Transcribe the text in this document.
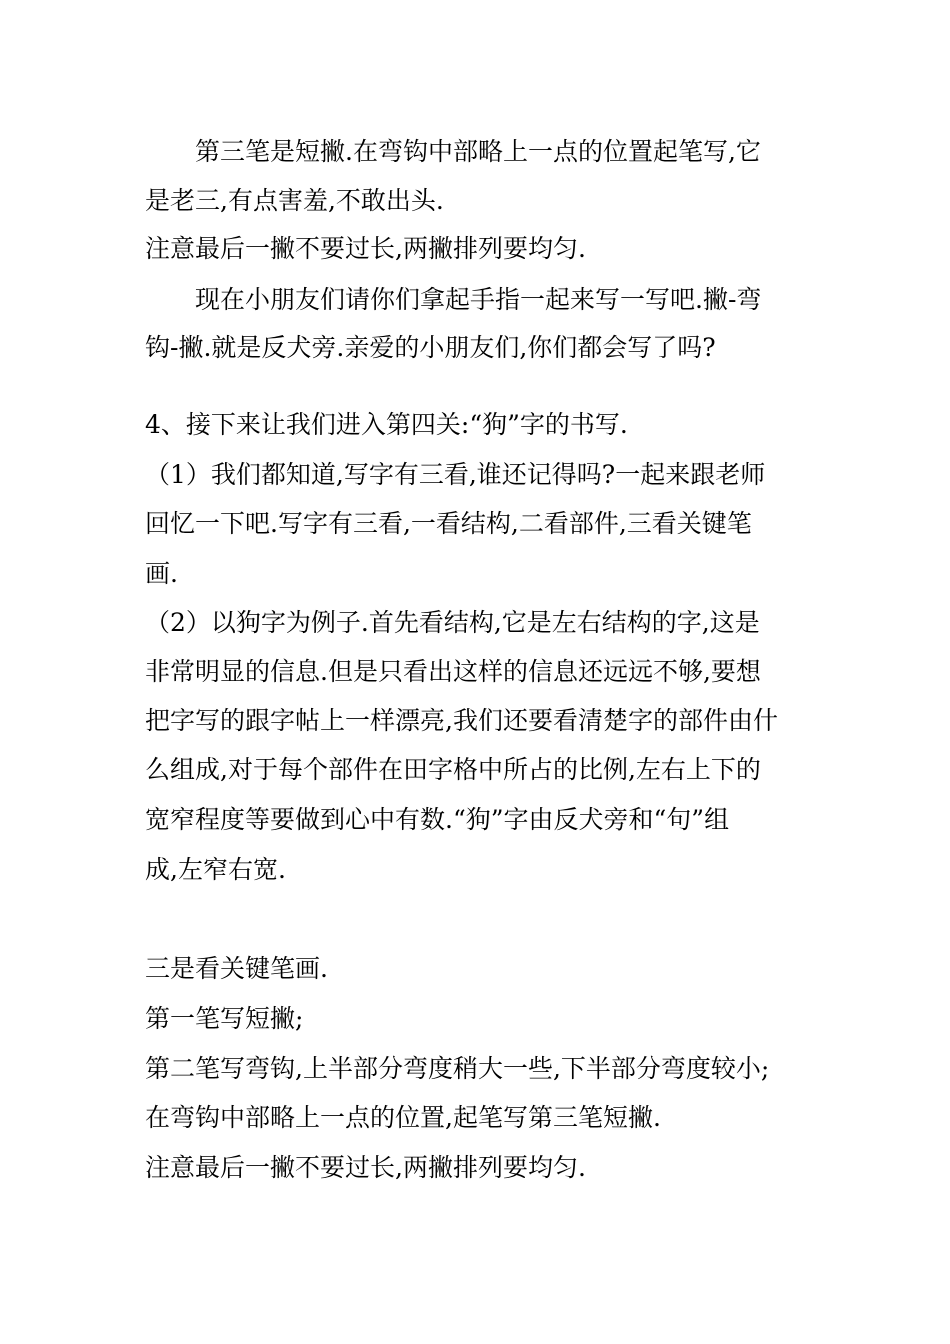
第三笔是短撇.在弯钩中部略上一点的位置起笔写,它
是老三,有点害羞,不敢出头.
注意最后一撇不要过长,两撇排列要均匀.
现在小朋友们请你们拿起手指一起来写一写吧.撇-弯
钩-撇.就是反犬旁.亲爱的小朋友们,你们都会写了吗?
4、接下来让我们进入第四关:“狗”字的书写.
（1）我们都知道,写字有三看,谁还记得吗?一起来跟老师
回忆一下吧.写字有三看,一看结构,二看部件,三看关键笔
画.
（2）以狗字为例子.首先看结构,它是左右结构的字,这是
非常明显的信息.但是只看出这样的信息还远远不够,要想
把字写的跟字帖上一样漂亮,我们还要看清楚字的部件由什
么组成,对于每个部件在田字格中所占的比例,左右上下的
宽窄程度等要做到心中有数.“狗”字由反犬旁和“句”组
成,左窄右宽.
三是看关键笔画.
第一笔写短撇;
第二笔写弯钩,上半部分弯度稍大一些,下半部分弯度较小;
在弯钩中部略上一点的位置,起笔写第三笔短撇.
注意最后一撇不要过长,两撇排列要均匀.
